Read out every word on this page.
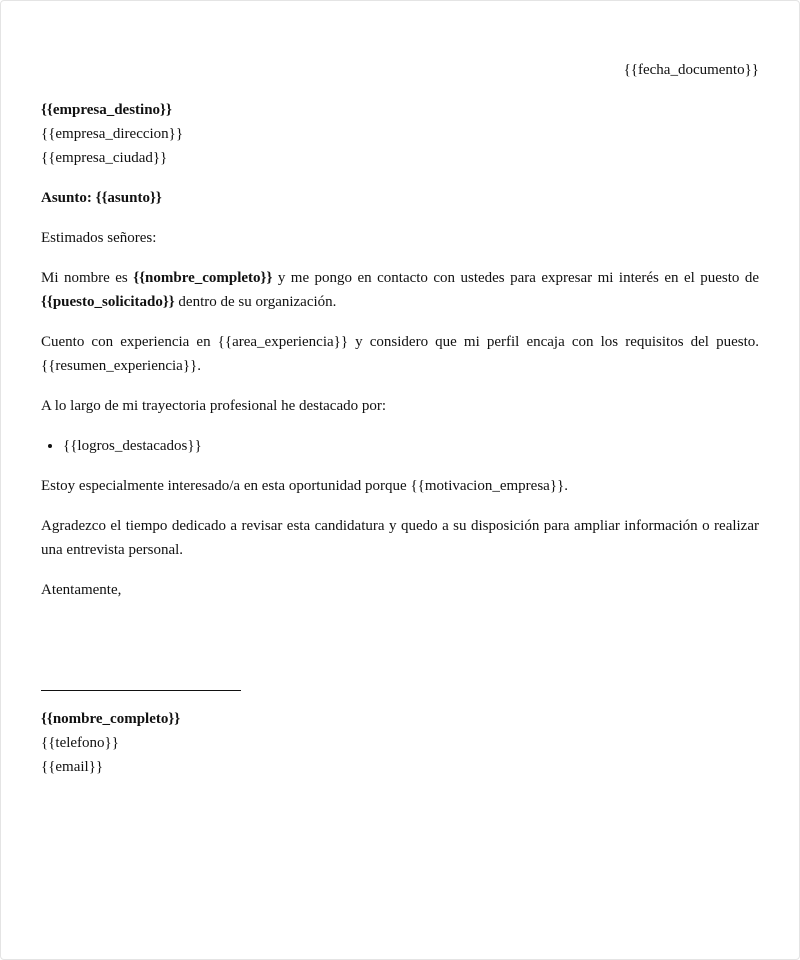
{{fecha_documento}}

{{empresa_destino}}

{{empresa_direccion}}

{{empresa_ciudad}}

Asunto: {{asunto}}

Estimados señores:

Mi nombre es {{nombre_completo}} y me pongo en contacto con ustedes para expresar mi interés en el puesto de {{puesto_solicitado}} dentro de su organización.

Cuento con experiencia en {{area_experiencia}} y considero que mi perfil encaja con los requisitos del puesto. {{resumen_experiencia}}.

A lo largo de mi trayectoria profesional he destacado por:

• {{logros_destacados}}

Estoy especialmente interesado/a en esta oportunidad porque {{motivacion_empresa}}.

Agradezco el tiempo dedicado a revisar esta candidatura y quedo a su disposición para ampliar información o realizar una entrevista personal.

Atentamente,

{{nombre_completo}}

{{telefono}}

{{email}}
